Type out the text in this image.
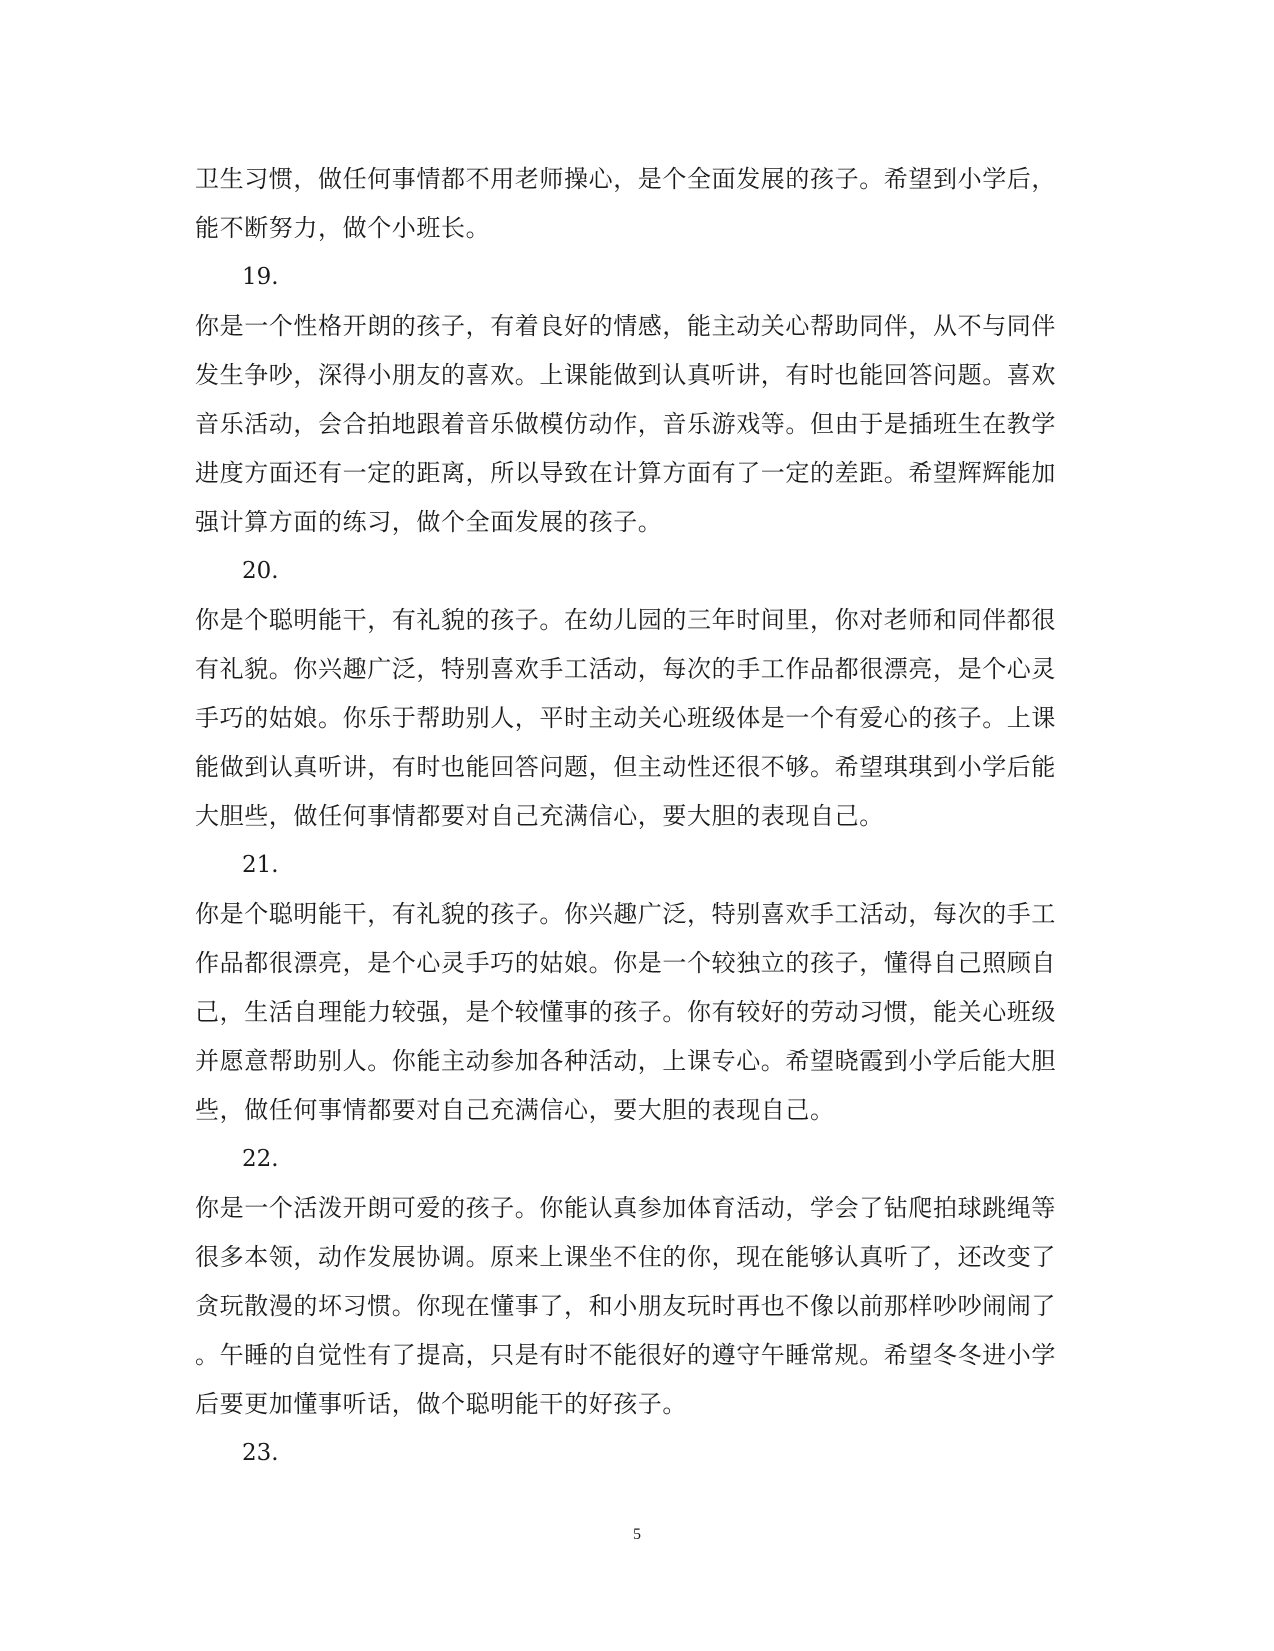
卫生习惯，做任何事情都不用老师操心，是个全面发展的孩子。希望到小学后，
能不断努力，做个小班长。
19.
你是一个性格开朗的孩子，有着良好的情感，能主动关心帮助同伴，从不与同伴
发生争吵，深得小朋友的喜欢。上课能做到认真听讲，有时也能回答问题。喜欢
音乐活动，会合拍地跟着音乐做模仿动作，音乐游戏等。但由于是插班生在教学
进度方面还有一定的距离，所以导致在计算方面有了一定的差距。希望辉辉能加
强计算方面的练习，做个全面发展的孩子。
20.
你是个聪明能干，有礼貌的孩子。在幼儿园的三年时间里，你对老师和同伴都很
有礼貌。你兴趣广泛，特别喜欢手工活动，每次的手工作品都很漂亮，是个心灵
手巧的姑娘。你乐于帮助别人，平时主动关心班级体是一个有爱心的孩子。上课
能做到认真听讲，有时也能回答问题，但主动性还很不够。希望琪琪到小学后能
大胆些，做任何事情都要对自己充满信心，要大胆的表现自己。
21.
你是个聪明能干，有礼貌的孩子。你兴趣广泛，特别喜欢手工活动，每次的手工
作品都很漂亮，是个心灵手巧的姑娘。你是一个较独立的孩子，懂得自己照顾自
己，生活自理能力较强，是个较懂事的孩子。你有较好的劳动习惯，能关心班级
并愿意帮助别人。你能主动参加各种活动，上课专心。希望晓霞到小学后能大胆
些，做任何事情都要对自己充满信心，要大胆的表现自己。
22.
你是一个活泼开朗可爱的孩子。你能认真参加体育活动，学会了钻爬拍球跳绳等
很多本领，动作发展协调。原来上课坐不住的你，现在能够认真听了，还改变了
贪玩散漫的坏习惯。你现在懂事了，和小朋友玩时再也不像以前那样吵吵闹闹了
。午睡的自觉性有了提高，只是有时不能很好的遵守午睡常规。希望冬冬进小学
后要更加懂事听话，做个聪明能干的好孩子。
23.
5
